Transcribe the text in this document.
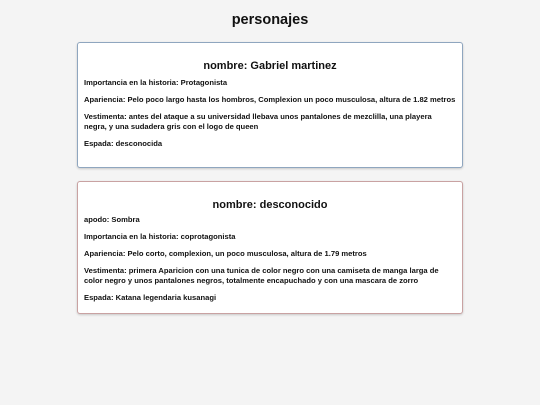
personajes
nombre: Gabriel martinez

Importancia en la historia: Protagonista

Apariencia: Pelo poco largo hasta los hombros, Complexion un poco musculosa, altura de 1.82 metros

Vestimenta: antes del ataque a su universidad llebava unos pantalones de mezclilla, una playera negra, y una sudadera gris con el logo de queen

Espada: desconocida

nombre: desconocido

apodo: Sombra

Importancia en la historia: coprotagonista

Apariencia: Pelo corto, complexion, un poco musculosa, altura de 1.79 metros

Vestimenta: primera Aparicion con una tunica de color negro con una camiseta de manga larga de color negro y unos pantalones negros, totalmente encapuchado y con una mascara de zorro

Espada: Katana legendaria kusanagi
